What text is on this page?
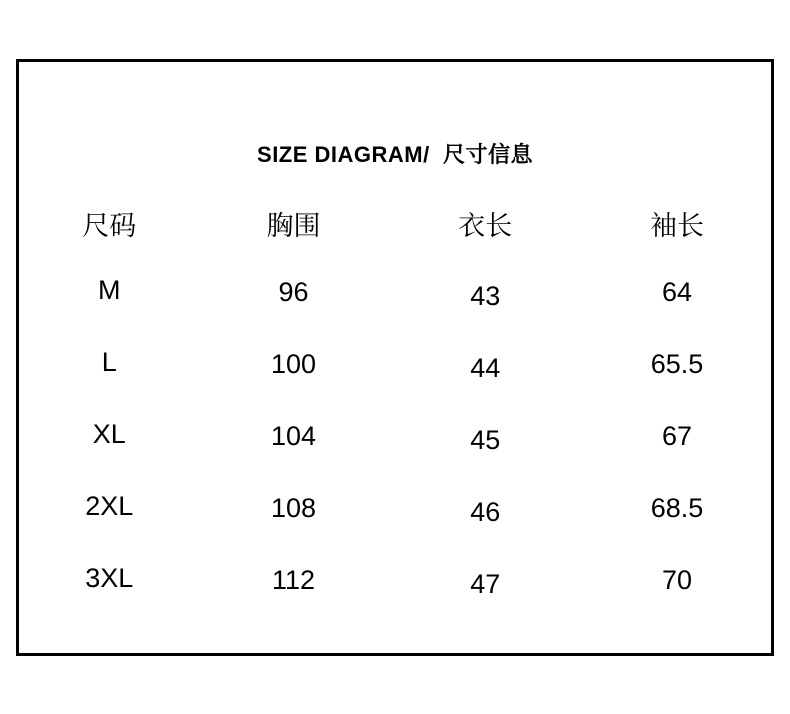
SIZE DIAGRAM/  尺寸信息
尺码	胸围	衣长	袖长
M	96	43	64
L	100	44	65.5
XL	104	45	67
2XL	108	46	68.5
3XL	112	47	70
